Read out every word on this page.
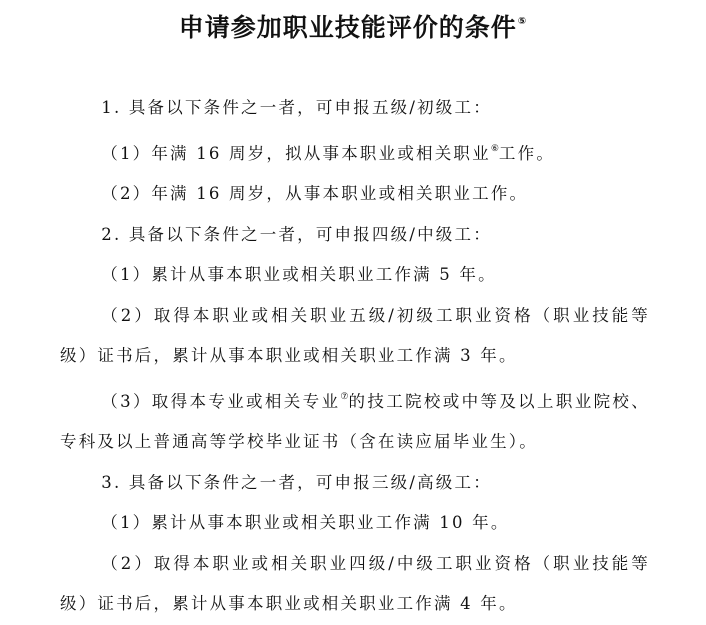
申请参加职业技能评价的条件⑤

1. 具备以下条件之一者，可申报五级/初级工：

（1）年满 16 周岁，拟从事本职业或相关职业⑥工作。

（2）年满 16 周岁，从事本职业或相关职业工作。

2. 具备以下条件之一者，可申报四级/中级工：

（1）累计从事本职业或相关职业工作满 5 年。

（2）取得本职业或相关职业五级/初级工职业资格（职业技能等级）证书后，累计从事本职业或相关职业工作满 3 年。

（3）取得本专业或相关专业⑦的技工院校或中等及以上职业院校、专科及以上普通高等学校毕业证书（含在读应届毕业生）。

3. 具备以下条件之一者，可申报三级/高级工：

（1）累计从事本职业或相关职业工作满 10 年。

（2）取得本职业或相关职业四级/中级工职业资格（职业技能等级）证书后，累计从事本职业或相关职业工作满 4 年。
